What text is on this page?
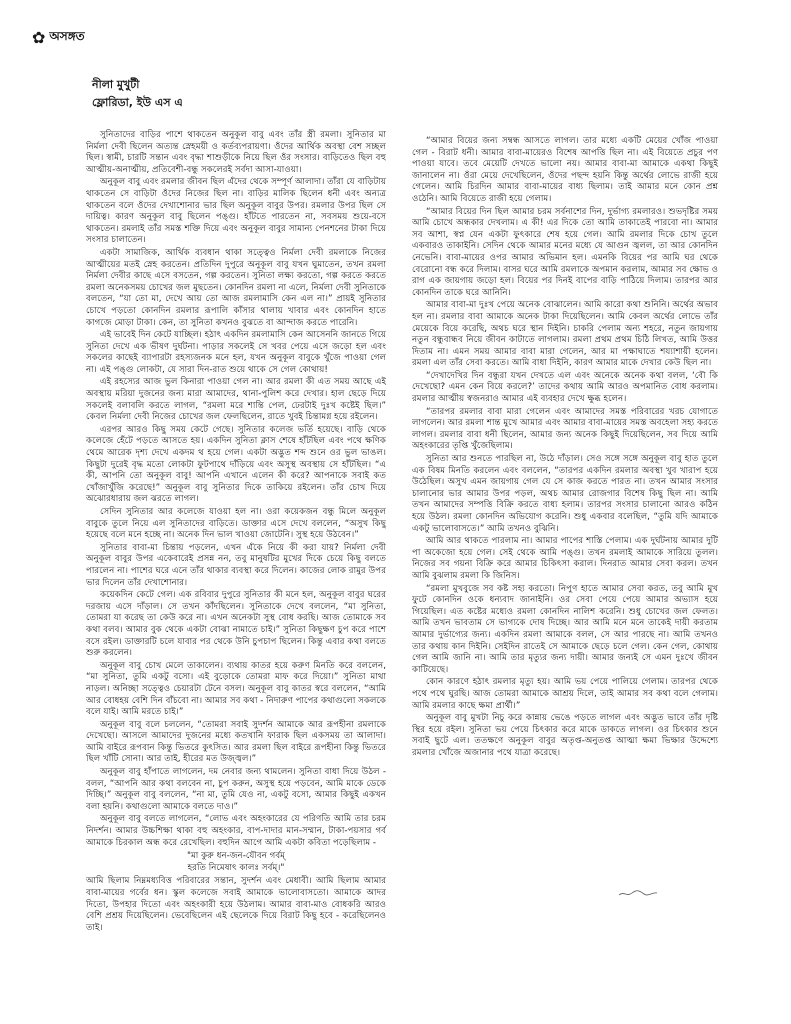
✿ অসঙ্গত
নীলা মুখুটী
ফ্লোরিডা, ইউ এস এ

সুনিতাদের বাড়ির পাশে থাকতেন অনুকূল বাবু এবং তাঁর স্ত্রী রমলা। সুনিতার মা নির্মলা দেবী ছিলেন অত্যন্ত স্নেহময়ী ও কর্তব্যপরায়ণা। ওঁদের আর্থিক অবস্থা বেশ সচ্ছল ছিল। স্বামী, চারটি সন্তান এবং বৃদ্ধা শাশুড়ীকে নিয়ে ছিল ওঁর সংসার। বাড়িতেও ছিল বহু আত্মীয়-অনাত্মীয়, প্রতিবেশী-বন্ধু সকলেরই সর্বদা আসা-যাওয়া।

অনুকূল বাবু এবং রমলার জীবন ছিল এঁদের থেকে সম্পূর্ণ আলাদা। তাঁরা যে বাড়িটায় থাকতেন সে বাড়িটা ওঁদের নিজের ছিল না। বাড়ির মালিক ছিলেন ধনী এবং অন্যত্র থাকতেন বলে ওঁদের দেখাশোনার ভার ছিল অনুকূল বাবুর উপর। রমলার উপর ছিল সে দায়িত্ব। কারণ অনুকূল বাবু ছিলেন পঙ্গু। হাঁটতে পারতেন না, সবসময় শুয়ে-বসে থাকতেন। রমলাই তাঁর সমস্ত শক্তি দিয়ে এবং অনুকূল বাবুর সামান্য পেনশনের টাকা দিয়ে সংসার চালাতেন।

একটা সামাজিক, আর্থিক ব্যবধান থাকা সত্ত্বেও নির্মলা দেবী রমলাকে নিজের আত্মীয়ের মতই স্নেহ করতেন। প্রতিদিন দুপুরে অনুকূল বাবু যখন ঘুমাতেন, তখন রমলা নির্মলা দেবীর কাছে এসে বসতেন, গল্প করতেন। সুনিতা লক্ষ্য করতো, গল্প করতে করতে রমলা অনেকসময় চোখের জল মুছতেন। কোনদিন রমলা না এলে, নির্মলা দেবী সুনিতাকে বলতেন, “যা তো মা, দেখে আয় তো আজ রমলামাসি কেন এল না।” প্রায়ই সুনিতার চোখে পড়তো কোনদিন রমলার রূপালি কাঁসার থালায় খাবার এবং কোনদিন হাতে কাগজে মোড়া টাকা। কেন, তা সুনিতা কখনও বুঝতে বা আন্দাজ করতে পারেনি।

এই ভাবেই দিন কেটে যাচ্ছিল। হঠাৎ একদিন রমলামাসি কেন আসেননি জানতে গিয়ে সুনিতা দেখে এক ভীষণ দুর্ঘটনা। পাড়ার সকলেই সে খবর পেয়ে এসে জড়ো হল এবং সকলের কাছেই ব্যাপারটা রহস্যজনক মনে হল, যখন অনুকূল বাবুকে খুঁজে পাওয়া গেল না। এই পঙ্গু লোকটা, যে সারা দিন-রাত শুয়ে থাকে সে গেল কোথায়!

এই রহস্যের আজ ভুল কিনারা পাওয়া গেল না। আর রমলা কী এত সময় আছে এই অবস্থায় মরিয়া দুজনের জন্য মারা আমাদের, থানা-পুলিশ করে দেখার। হাল ছেড়ে দিয়ে সকলেই বলাবলি করতে লাগল, “রমলা মরে শান্তি পেল, ঢেরটাই দুঃখ কষ্টেই ছিল।” কেবল নির্মলা দেবী নিজের চোখের জল ফেলছিলেন, রাতে খুবই চিন্তামগ্ন হয়ে রইলেন।

এরপর আরও কিছু সময় কেটে গেছে। সুনিতার কলেজ ভর্তি হয়েছে। বাড়ি থেকে কলেজে হেঁটে পড়তে আসতে হয়। একদিন সুনিতা ক্লাস শেষে হাঁটছিল এবং পথে ক্ষণিক থেমে আরেক দৃশ্য দেখে একদম থ হয়ে গেল। একটা অদ্ভুত শব্দ শুনে ওর ভুল ভাঙল। কিছুটা দুরেই বৃদ্ধ মতো লোকটা ফুটপাথে দাঁড়িয়ে এবং অসুস্থ অবস্থায় সে হাঁটছিল। “এ কী, আপনি তো অনুকূল বাবু! আপনি এখানে এলেন কী করে? আপনাকে সবাই কত খোঁজাখুঁজি করেছে!” অনুকূল বাবু সুনিতার দিকে তাকিয়ে রইলেন। তাঁর চোখ দিয়ে অঝোরধারায় জল ঝরতে লাগল।

সেদিন সুনিতার আর কলেজে যাওয়া হল না। ওরা কয়েকজন বন্ধু মিলে অনুকূল বাবুকে তুলে নিয়ে এল সুনিতাদের বাড়িতে। ডাক্তার এসে দেখে বললেন, “অসুখ কিছু হয়েছে বলে মনে হচ্ছে না। অনেক দিন ভাল খাওয়া জোটেনি। সুস্থ হয়ে উঠবেন।”

সুনিতার বাবা-মা চিন্তায় পড়লেন, এখন এঁকে নিয়ে কী করা যায়? নির্মলা দেবী অনুকূল বাবুর উপর একেবারেই প্রসন্ন নন, তবু মানুষটির মুখের দিকে চেয়ে কিছু বলতে পারলেন না। পাশের ঘরে এনে তাঁর থাকার ব্যবস্থা করে দিলেন। কাজের লোক রামুর উপর ভার দিলেন তাঁর দেখাশোনার।

কয়েকদিন কেটে গেল। এক রবিবার দুপুরে সুনিতার কী মনে হল, অনুকূল বাবুর ঘরের দরজায় এসে দাঁড়াল। সে তখন কাঁদছিলেন। সুনিতাকে দেখে বললেন, “মা সুনিতা, তোমরা যা করেছ তা কেউ করে না। এখন অনেকটা সুস্থ বোধ করছি। আজ তোমাকে সব কথা বলব। আমার বুক থেকে একটা বোঝা নামাতে চাই।” সুনিতা কিছুক্ষণ চুপ করে পাশে বসে রইল। ডাক্তারটি চলে যাবার পর থেকে উনি চুপচাপ ছিলেন। কিন্তু এবার কথা বলতে শুরু করলেন।

অনুকূল বাবু চোখ মেলে তাকালেন। ব্যথায় কাতর হয়ে করুণ মিনতি করে বললেন, “মা সুনিতা, তুমি একটু বসো। এই বুড়োকে তোমরা মাফ করে দিয়ো।” সুনিতা মাথা নাড়ল। অনিচ্ছা সত্ত্বেও চেয়ারটা টেনে বসল। অনুকূল বাবু কাতর স্বরে বললেন, “আমি আর বোধহয় বেশি দিন বাঁচবো না। আমার সব কথা - নিদারুণ পাপের কথাগুলো সকলকে বলে যাই। আমি মরতে চাই।”

অনুকূল বাবু বলে চললেন, “তোমরা সবাই সুদর্শন আমাকে আর রূপহীনা রমলাকে দেখেছো। আসলে আমাদের দুজনের মধ্যে কতখানি ফারাক ছিল একসময় তা আলাদা। আমি বাইরে রূপবান কিন্তু ভিতরে কুৎসিত। আর রমলা ছিল বাইরে রূপহীনা কিন্তু ভিতরে ছিল খাঁটি সোনা। আর তাই, হীরের মত উজ্জ্বল।”

অনুকূল বাবু হাঁপাতে লাগলেন, দম নেবার জন্য থামলেন। সুনিতা বাধা দিয়ে উঠল - বলল, “আপনি আর কথা বলবেন না, চুপ করুন, অসুস্থ হয়ে পড়বেন, আমি মাকে ডেকে দিচ্ছি।” অনুকূল বাবু বললেন, “না মা, তুমি যেও না, একটু বসো, আমার কিছুই একখন বলা হয়নি। কথাগুলো আমাকে বলতে দাও।”

অনুকূল বাবু বলতে লাগলেন, “লোভ এবং অহংকারের যে পরিণতি আমি তার চরম নিদর্শন। আমার উচ্চশিক্ষা থাকা বহু অহংকার, বাপ-দাদার মান-সম্মান, টাকা-পয়সার গর্ব আমাকে চিরকাল অন্ধ করে রেখেছিল। বহুদিন আগে আমি একটা কবিতা পড়েছিলাম -

"মা কুরু ধন-জন-যৌবন গর্বম্
হরতি নিমেষাৎ কালঃ সর্বম্।"

আমি ছিলাম নিম্নমধ্যবিত্ত পরিবারের সন্তান, সুদর্শন এবং মেধাবী। আমি ছিলাম আমার বাবা-মায়ের গর্বের ধন। স্কুল কলেজে সবাই আমাকে ভালোবাসতো। আমাকে আদর দিতো, উপহার দিতো এবং অহংকারী হয়ে উঠলাম। আমার বাবা-মাও বোধকরি আরও বেশি প্রশ্রয় দিয়েছিলেন। ভেবেছিলেন এই ছেলেকে দিয়ে বিরাট কিছু হবে - করেছিলেনও তাই।

“আমার বিয়ের জন্য সম্বন্ধ আসতে লাগল। তার মধ্যে একটি মেয়ের খোঁজ পাওয়া গেল - বিরাট ধনী। আমার বাবা-মায়েরও বিশেষ আপত্তি ছিল না। এই বিয়েতে প্রচুর পণ পাওয়া যাবে। তবে মেয়েটি দেখতে ভালো নয়। আমার বাবা-মা আমাকে একথা কিছুই জানালেন না। ওঁরা মেয়ে দেখেছিলেন, ওঁদের পছন্দ হয়নি কিন্তু অর্থের লোভে রাজী হয়ে গেলেন। আমি চিরদিন আমার বাবা-মায়ের বাধ্য ছিলাম। তাই আমার মনে কোন প্রশ্ন ওঠেনি। আমি বিয়েতে রাজী হয়ে গেলাম।

“আমার বিয়ের দিন ছিল আমার চরম সর্বনাশের দিন, দুর্ভাগ্য রমলারও। শুভদৃষ্টির সময় আমি চোখে অন্ধকার দেখলাম। এ কী! এর দিকে তো আমি তাকাতেই পারবো না। আমার সব আশা, স্বপ্ন যেন একটা ফুৎকারে শেষ হয়ে গেল। আমি রমলার দিকে চোখ তুলে একবারও তাকাইনি। সেদিন থেকে আমার মনের মধ্যে যে আগুন জ্বলল, তা আর কোনদিন নেভেনি। বাবা-মায়ের ওপর আমার অভিমান হল। এমনকি বিয়ের পর আমি ঘর থেকে বেরোনো বন্ধ করে দিলাম। বাসর ঘরে আমি রমলাকে অপমান করলাম, আমার সব ক্ষোভ ও রাগ এক জায়গায় জড়ো হল। বিয়ের পর দিনই বাপের বাড়ি পাঠিয়ে দিলাম। তারপর আর কোনদিন তাকে ঘরে আনিনি।

আমার বাবা-মা দুঃখ পেয়ে অনেক বোঝালেন। আমি কারো কথা শুনিনি। অর্থের অভাব হল না। রমলার বাবা আমাকে অনেক টাকা দিয়েছিলেন। আমি কেবল অর্থের লোভে তাঁর মেয়েকে বিয়ে করেছি, অথচ ঘরে স্থান দিইনি। চাকরি পেলাম অন্য শহরে, নতুন জায়গায় নতুন বন্ধুবান্ধব নিয়ে জীবন কাটাতে লাগলাম। রমলা প্রথম প্রথম চিঠি লিখত, আমি উত্তর দিতাম না। এমন সময় আমার বাবা মারা গেলেন, আর মা পক্ষাঘাতে শয্যাশায়ী হলেন। রমলা এল তাঁর সেবা করতে। আমি বাধা দিইনি, কারণ আমার মাকে দেখার কেউ ছিল না।

“দেখাদেখির দিন বন্ধুরা যখন দেখতে এল এবং অনেকে অনেক কথা বলল, ‘বৌ কি দেখেছো? এমন কেন বিয়ে করলে?’ তাদের কথায় আমি আরও অপমানিত বোধ করলাম। রমলার আত্মীয় স্বজনরাও আমার এই ব্যবহার দেখে ক্ষুব্ধ হলেন।

“তারপর রমলার বাবা মারা গেলেন এবং আমাদের সমস্ত পরিবারের খরচ যোগাতে লাগলেন। আর রমলা শান্ত মুখে আমার এবং আমার বাবা-মায়ের সমস্ত অবহেলা সহ্য করতে লাগল। রমলার বাবা ধনী ছিলেন, আমার জন্য অনেক কিছুই দিয়েছিলেন, সব দিয়ে আমি অহংকারের তৃপ্তি খুঁজেছিলাম।

সুনিতা আর শুনতে পারছিল না, উঠে দাঁড়াল। সেও সঙ্গে সঙ্গে অনুকূল বাবু হাত তুলে এক বিষম মিনতি করলেন এবং বললেন, “তারপর একদিন রমলার অবস্থা খুব খারাপ হয়ে উঠেছিল। অসুখ এমন জায়গায় গেল যে সে কাজ করতে পারত না। তখন আমার সংসার চালানোর ভার আমার উপর পড়ল, অথচ আমার রোজগার বিশেষ কিছু ছিল না। আমি তখন আমাদের সম্পত্তি বিক্রি করতে বাধ্য হলাম। তারপর সংসার চালানো আরও কঠিন হয়ে উঠল। রমলা কোনদিন অভিযোগ করেনি। শুধু একবার বলেছিল, “তুমি যদি আমাকে একটু ভালোবাসতে।” আমি তখনও বুঝিনি।

আমি আর থাকতে পারলাম না। আমার পাপের শাস্তি পেলাম। এক দুর্ঘটনায় আমার দুটি পা অকেজো হয়ে গেল। সেই থেকে আমি পঙ্গু। তখন রমলাই আমাকে সারিয়ে তুলল। নিজের সব গয়না বিক্রি করে আমার চিকিৎসা করাল। দিনরাত আমার সেবা করল। তখন আমি বুঝলাম রমলা কি জিনিস।

“রমলা মুখবুজে সব কষ্ট সহ্য করতো। নিপুণ হাতে আমার সেবা করত, তবু আমি মুখ ফুটে কোনদিন ওকে ধন্যবাদ জানাইনি। ওর সেবা পেয়ে পেয়ে আমার অভ্যাস হয়ে গিয়েছিল। এত কষ্টের মধ্যেও রমলা কোনদিন নালিশ করেনি। শুধু চোখের জল ফেলত। আমি তখন ভাবতাম সে ভাগ্যকে দোষ দিচ্ছে। আর আমি মনে মনে তাকেই দায়ী করতাম আমার দুর্ভাগ্যের জন্য। একদিন রমলা আমাকে বলল, সে আর পারছে না। আমি তখনও তার কথায় কান দিইনি। সেইদিন রাতেই সে আমাকে ছেড়ে চলে গেল। কেন গেল, কোথায় গেল আমি জানি না। আমি তার মৃত্যুর জন্য দায়ী। আমার জন্যই সে এমন দুঃখে জীবন কাটিয়েছে।

কোন কারণে হঠাৎ রমলার মৃত্যু হয়। আমি ভয় পেয়ে পালিয়ে গেলাম। তারপর থেকে পথে পথে ঘুরছি। আজ তোমরা আমাকে আশ্রয় দিলে, তাই আমার সব কথা বলে গেলাম। আমি রমলার কাছে ক্ষমা প্রার্থী।”

অনুকূল বাবু মুখটা নিচু করে কান্নায় ভেঙে পড়তে লাগল এবং অদ্ভুত ভাবে তাঁর দৃষ্টি স্থির হয়ে রইল। সুনিতা ভয় পেয়ে চিৎকার করে মাকে ডাকতে লাগল। ওর চিৎকার শুনে সবাই ছুটে এল। ততক্ষণে অনুকূল বাবুর অতৃপ্ত-অনুতপ্ত আত্মা ক্ষমা ভিক্ষার উদ্দেশ্যে রমলার খোঁজে অজানার পথে যাত্রা করেছে।
